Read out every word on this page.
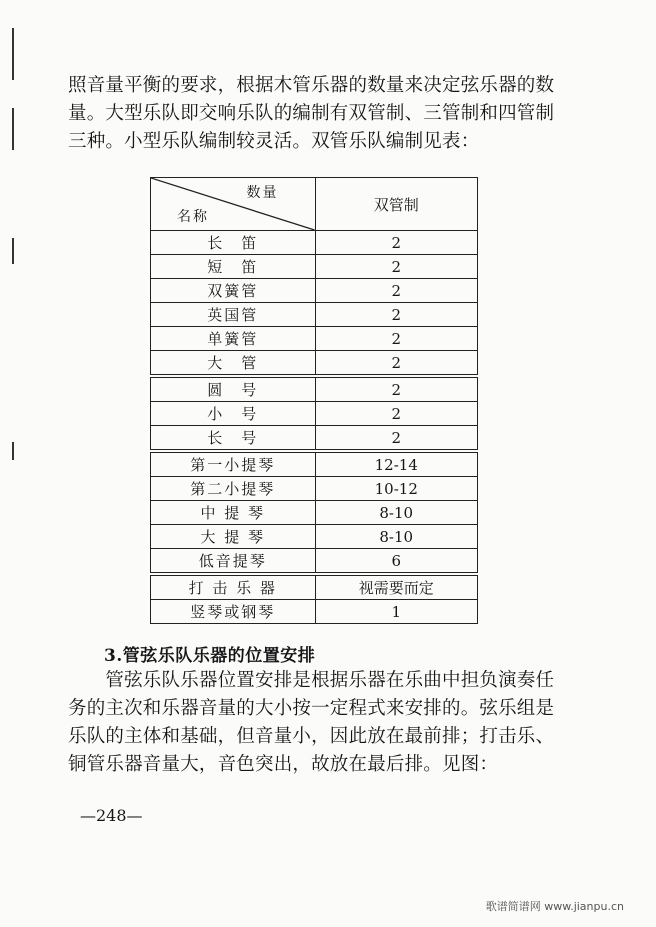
照音量平衡的要求，根据木管乐器的数量来决定弦乐器的数
量。大型乐队即交响乐队的编制有双管制、三管制和四管制
三种。小型乐队编制较灵活。双管乐队编制见表：

数量
名称	双管制
长　笛	2
短　笛	2
双簧管	2
英国管	2
单簧管	2
大　管	2
圆　号	2
小　号	2
长　号	2
第一小提琴	12-14
第二小提琴	10-12
中 提 琴	8-10
大 提 琴	8-10
低音提琴	6
打 击 乐 器	视需要而定
竖琴或钢琴	1
3.管弦乐队乐器的位置安排

　　管弦乐队乐器位置安排是根据乐器在乐曲中担负演奏任
务的主次和乐器音量的大小按一定程式来安排的。弦乐组是
乐队的主体和基础，但音量小，因此放在最前排；打击乐、
铜管乐器音量大，音色突出，故放在最后排。见图：

—248—
歌谱简谱网 www.jianpu.cn
